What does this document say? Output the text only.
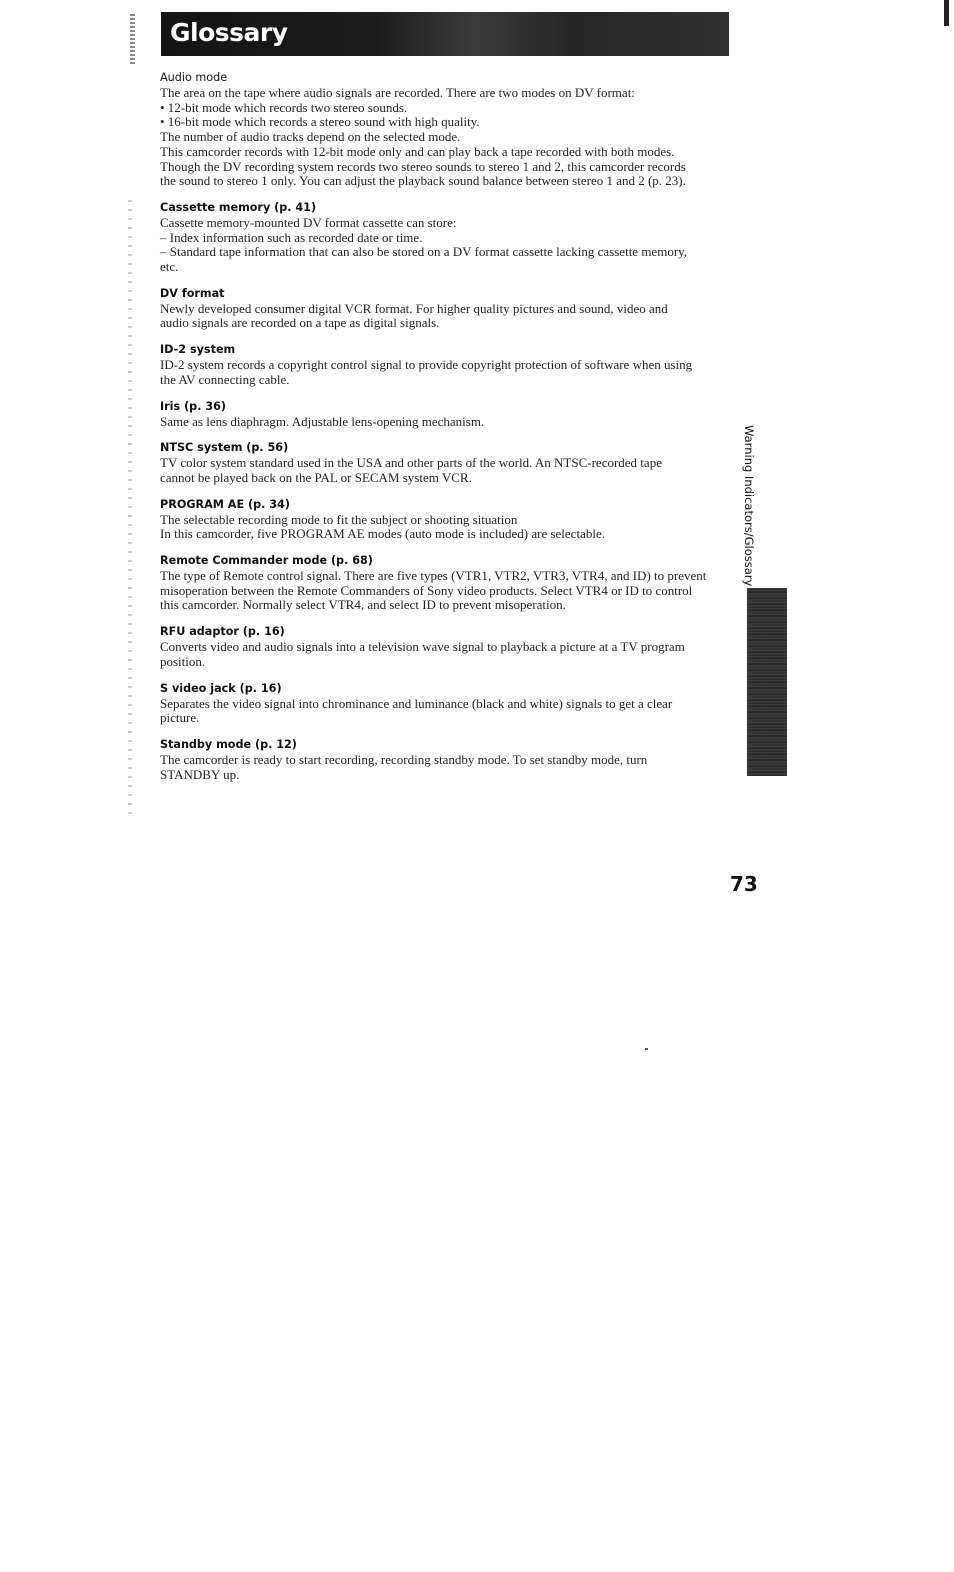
Glossary
Audio mode
The area on the tape where audio signals are recorded. There are two modes on DV format:
• 12-bit mode which records two stereo sounds.
• 16-bit mode which records a stereo sound with high quality.
The number of audio tracks depend on the selected mode.
This camcorder records with 12-bit mode only and can play back a tape recorded with both modes.
Though the DV recording system records two stereo sounds to stereo 1 and 2, this camcorder records
the sound to stereo 1 only. You can adjust the playback sound balance between stereo 1 and 2 (p. 23).
Cassette memory (p. 41)
Cassette memory-mounted DV format cassette can store:
– Index information such as recorded date or time.
– Standard tape information that can also be stored on a DV format cassette lacking cassette memory,
etc.
DV format
Newly developed consumer digital VCR format. For higher quality pictures and sound, video and
audio signals are recorded on a tape as digital signals.
ID-2 system
ID-2 system records a copyright control signal to provide copyright protection of software when using
the AV connecting cable.
Iris (p. 36)
Same as lens diaphragm. Adjustable lens-opening mechanism.
NTSC system (p. 56)
TV color system standard used in the USA and other parts of the world. An NTSC-recorded tape
cannot be played back on the PAL or SECAM system VCR.
PROGRAM AE (p. 34)
The selectable recording mode to fit the subject or shooting situation
In this camcorder, five PROGRAM AE modes (auto mode is included) are selectable.
Remote Commander mode (p. 68)
The type of Remote control signal. There are five types (VTR1, VTR2, VTR3, VTR4, and ID) to prevent
misoperation between the Remote Commanders of Sony video products. Select VTR4 or ID to control
this camcorder. Normally select VTR4, and select ID to prevent misoperation.
RFU adaptor (p. 16)
Converts video and audio signals into a television wave signal to playback a picture at a TV program
position.
S video jack (p. 16)
Separates the video signal into chrominance and luminance (black and white) signals to get a clear
picture.
Standby mode (p. 12)
The camcorder is ready to start recording, recording standby mode. To set standby mode, turn
STANDBY up.
Warning Indicators/Glossary
73
